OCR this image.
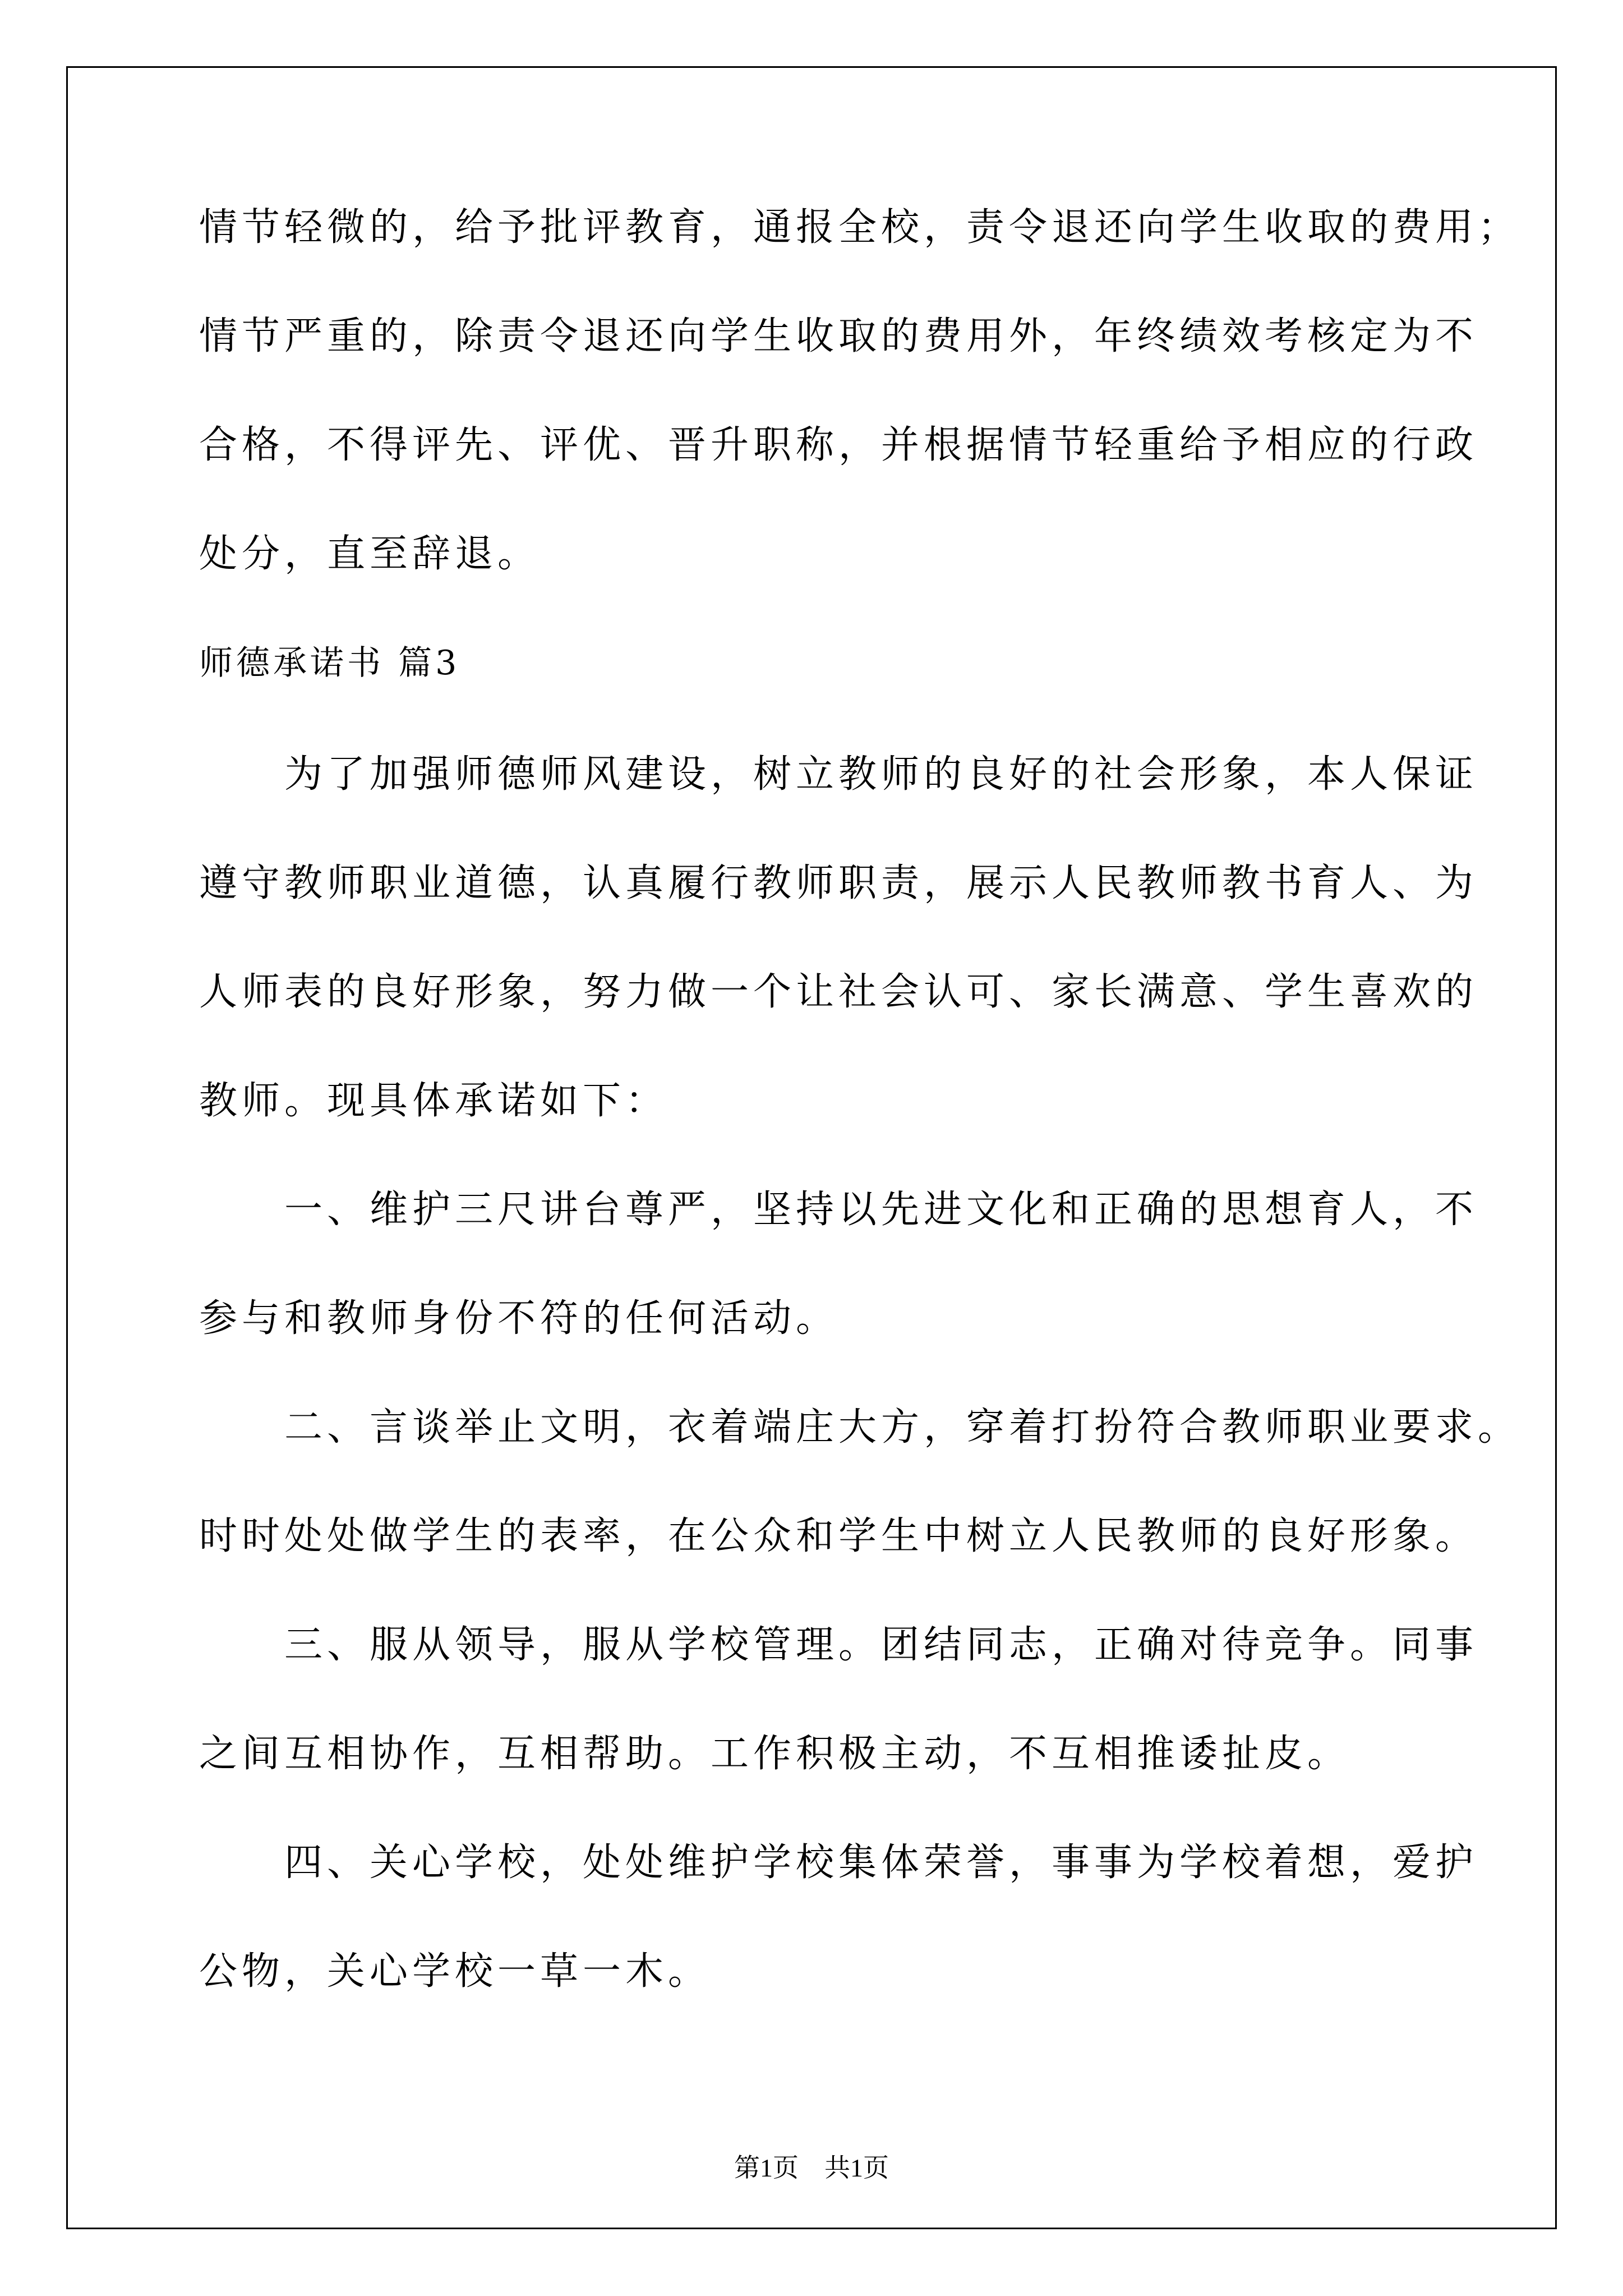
情节轻微的，给予批评教育，通报全校，责令退还向学生收取的费用；

情节严重的，除责令退还向学生收取的费用外，年终绩效考核定为不

合格，不得评先、评优、晋升职称，并根据情节轻重给予相应的行政

处分，直至辞退。

师德承诺书 篇3

　　为了加强师德师风建设，树立教师的良好的社会形象，本人保证

遵守教师职业道德，认真履行教师职责，展示人民教师教书育人、为

人师表的良好形象，努力做一个让社会认可、家长满意、学生喜欢的

教师。现具体承诺如下：

　　一、维护三尺讲台尊严，坚持以先进文化和正确的思想育人，不

参与和教师身份不符的任何活动。

　　二、言谈举止文明，衣着端庄大方，穿着打扮符合教师职业要求。

时时处处做学生的表率，在公众和学生中树立人民教师的良好形象。

　　三、服从领导，服从学校管理。团结同志，正确对待竞争。同事

之间互相协作，互相帮助。工作积极主动，不互相推诿扯皮。

　　四、关心学校，处处维护学校集体荣誉，事事为学校着想，爱护

公物，关心学校一草一木。

第1页　共1页
